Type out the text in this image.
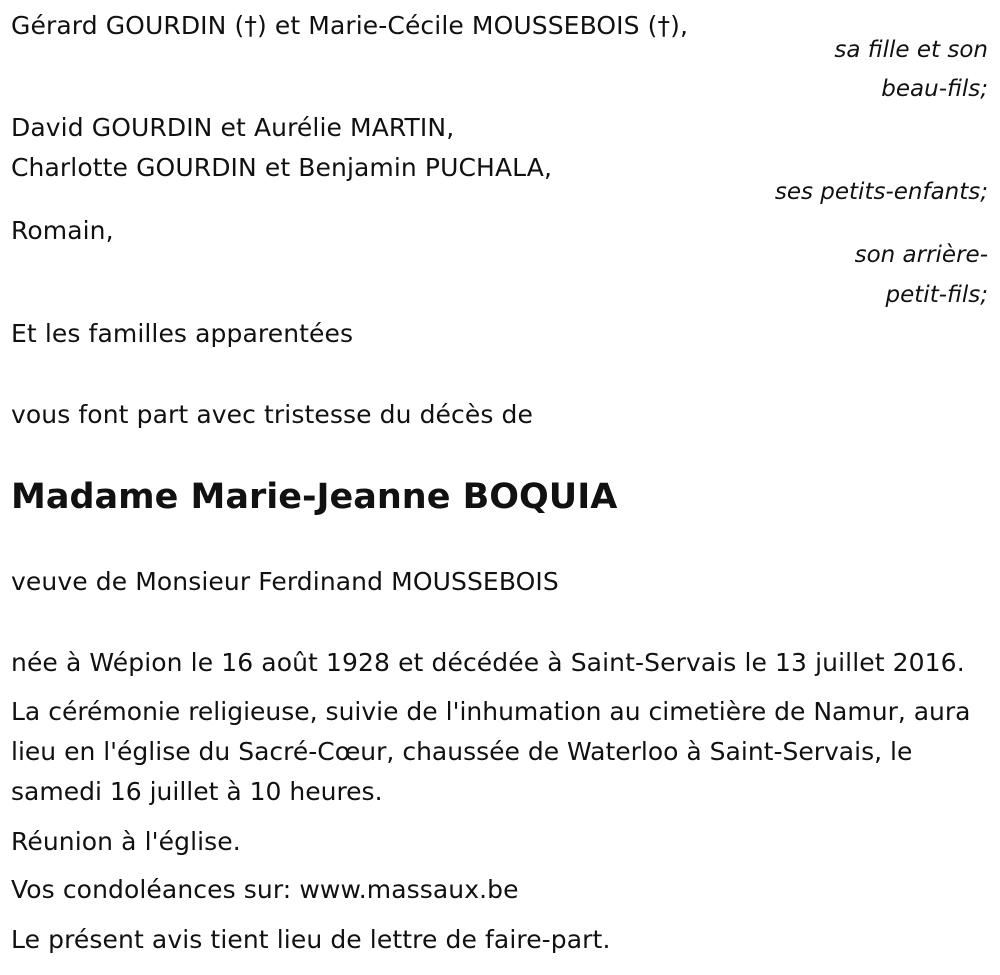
Gérard GOURDIN (†) et Marie-Cécile MOUSSEBOIS (†),
sa fille et son
beau-fils;
David GOURDIN et Aurélie MARTIN,
Charlotte GOURDIN et Benjamin PUCHALA,
ses petits-enfants;
Romain,
son arrière-
petit-fils;
Et les familles apparentées
vous font part avec tristesse du décès de
Madame Marie-Jeanne BOQUIA
veuve de Monsieur Ferdinand MOUSSEBOIS
née à Wépion le 16 août 1928 et décédée à Saint-Servais le 13 juillet 2016.
La cérémonie religieuse, suivie de l'inhumation au cimetière de Namur, aura lieu en l'église du Sacré-Cœur, chaussée de Waterloo à Saint-Servais, le samedi 16 juillet à 10 heures.
Réunion à l'église.
Vos condoléances sur: www.massaux.be
Le présent avis tient lieu de lettre de faire-part.
